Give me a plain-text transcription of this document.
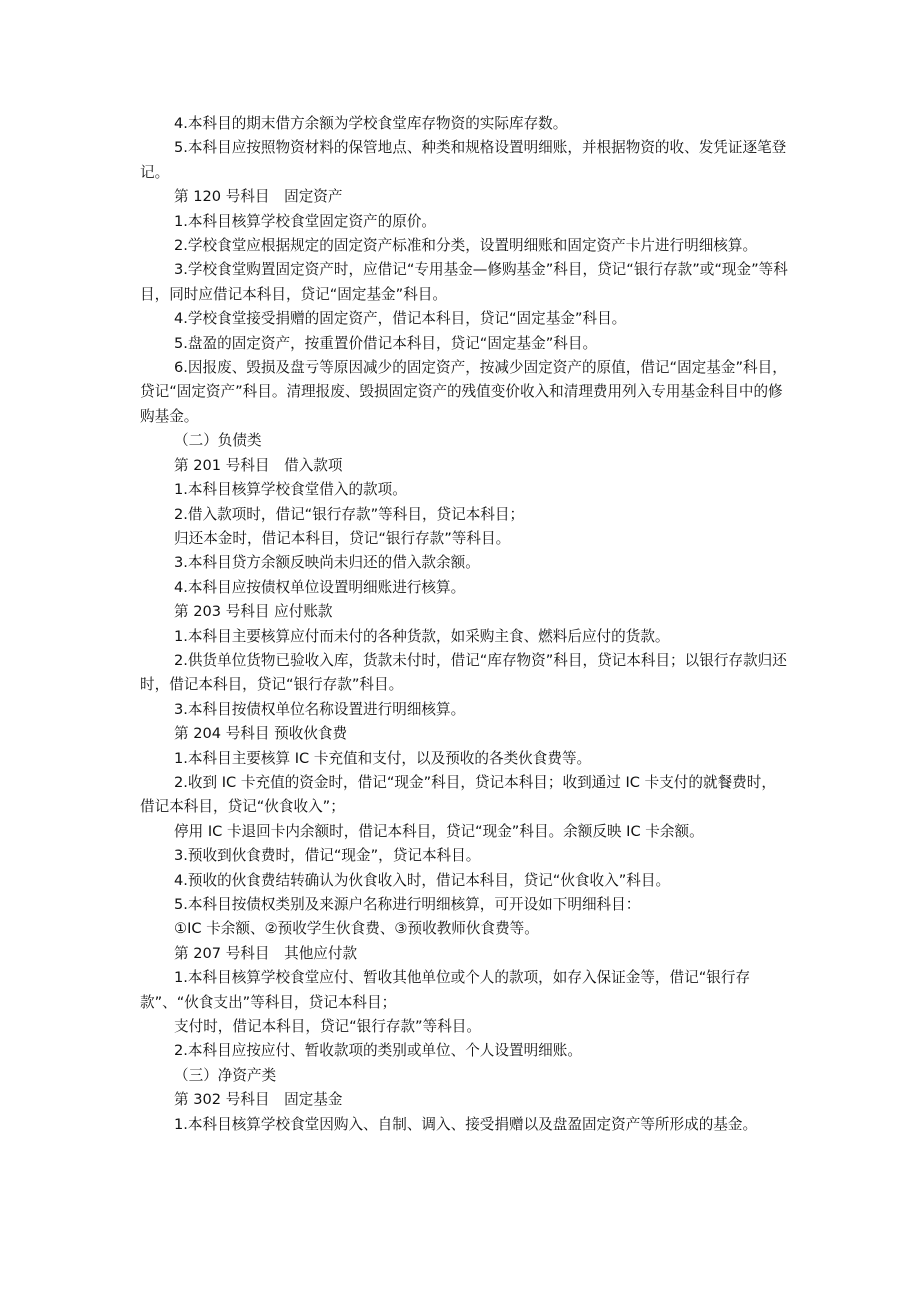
4.本科目的期末借方余额为学校食堂库存物资的实际库存数。

5.本科目应按照物资材料的保管地点、种类和规格设置明细账，并根据物资的收、发凭证逐笔登记。

第 120 号科目　固定资产

1.本科目核算学校食堂固定资产的原价。

2.学校食堂应根据规定的固定资产标准和分类，设置明细账和固定资产卡片进行明细核算。

3.学校食堂购置固定资产时，应借记“专用基金—修购基金”科目，贷记“银行存款”或“现金”等科目，同时应借记本科目，贷记“固定基金”科目。

4.学校食堂接受捐赠的固定资产，借记本科目，贷记“固定基金”科目。

5.盘盈的固定资产，按重置价借记本科目，贷记“固定基金”科目。

6.因报废、毁损及盘亏等原因减少的固定资产，按减少固定资产的原值，借记“固定基金”科目，贷记“固定资产”科目。清理报废、毁损固定资产的残值变价收入和清理费用列入专用基金科目中的修购基金。

（二）负债类

第 201 号科目　借入款项

1.本科目核算学校食堂借入的款项。

2.借入款项时，借记“银行存款”等科目，贷记本科目；

归还本金时，借记本科目，贷记“银行存款”等科目。

3.本科目贷方余额反映尚未归还的借入款余额。

4.本科目应按债权单位设置明细账进行核算。

第 203 号科目 应付账款

1.本科目主要核算应付而未付的各种货款，如采购主食、燃料后应付的货款。

2.供货单位货物已验收入库，货款未付时，借记“库存物资”科目，贷记本科目；以银行存款归还时，借记本科目，贷记“银行存款”科目。

3.本科目按债权单位名称设置进行明细核算。

第 204 号科目 预收伙食费

1.本科目主要核算 IC 卡充值和支付，以及预收的各类伙食费等。

2.收到 IC 卡充值的资金时，借记“现金”科目，贷记本科目；收到通过 IC 卡支付的就餐费时，借记本科目，贷记“伙食收入”；

停用 IC 卡退回卡内余额时，借记本科目，贷记“现金”科目。余额反映 IC 卡余额。

3.预收到伙食费时，借记“现金”，贷记本科目。

4.预收的伙食费结转确认为伙食收入时，借记本科目，贷记“伙食收入”科目。

5.本科目按债权类别及来源户名称进行明细核算，可开设如下明细科目：

①IC 卡余额、②预收学生伙食费、③预收教师伙食费等。

第 207 号科目　其他应付款

1.本科目核算学校食堂应付、暂收其他单位或个人的款项，如存入保证金等，借记“银行存款”、“伙食支出”等科目，贷记本科目；

支付时，借记本科目，贷记“银行存款”等科目。

2.本科目应按应付、暂收款项的类别或单位、个人设置明细账。

（三）净资产类

第 302 号科目　固定基金

1.本科目核算学校食堂因购入、自制、调入、接受捐赠以及盘盈固定资产等所形成的基金。
